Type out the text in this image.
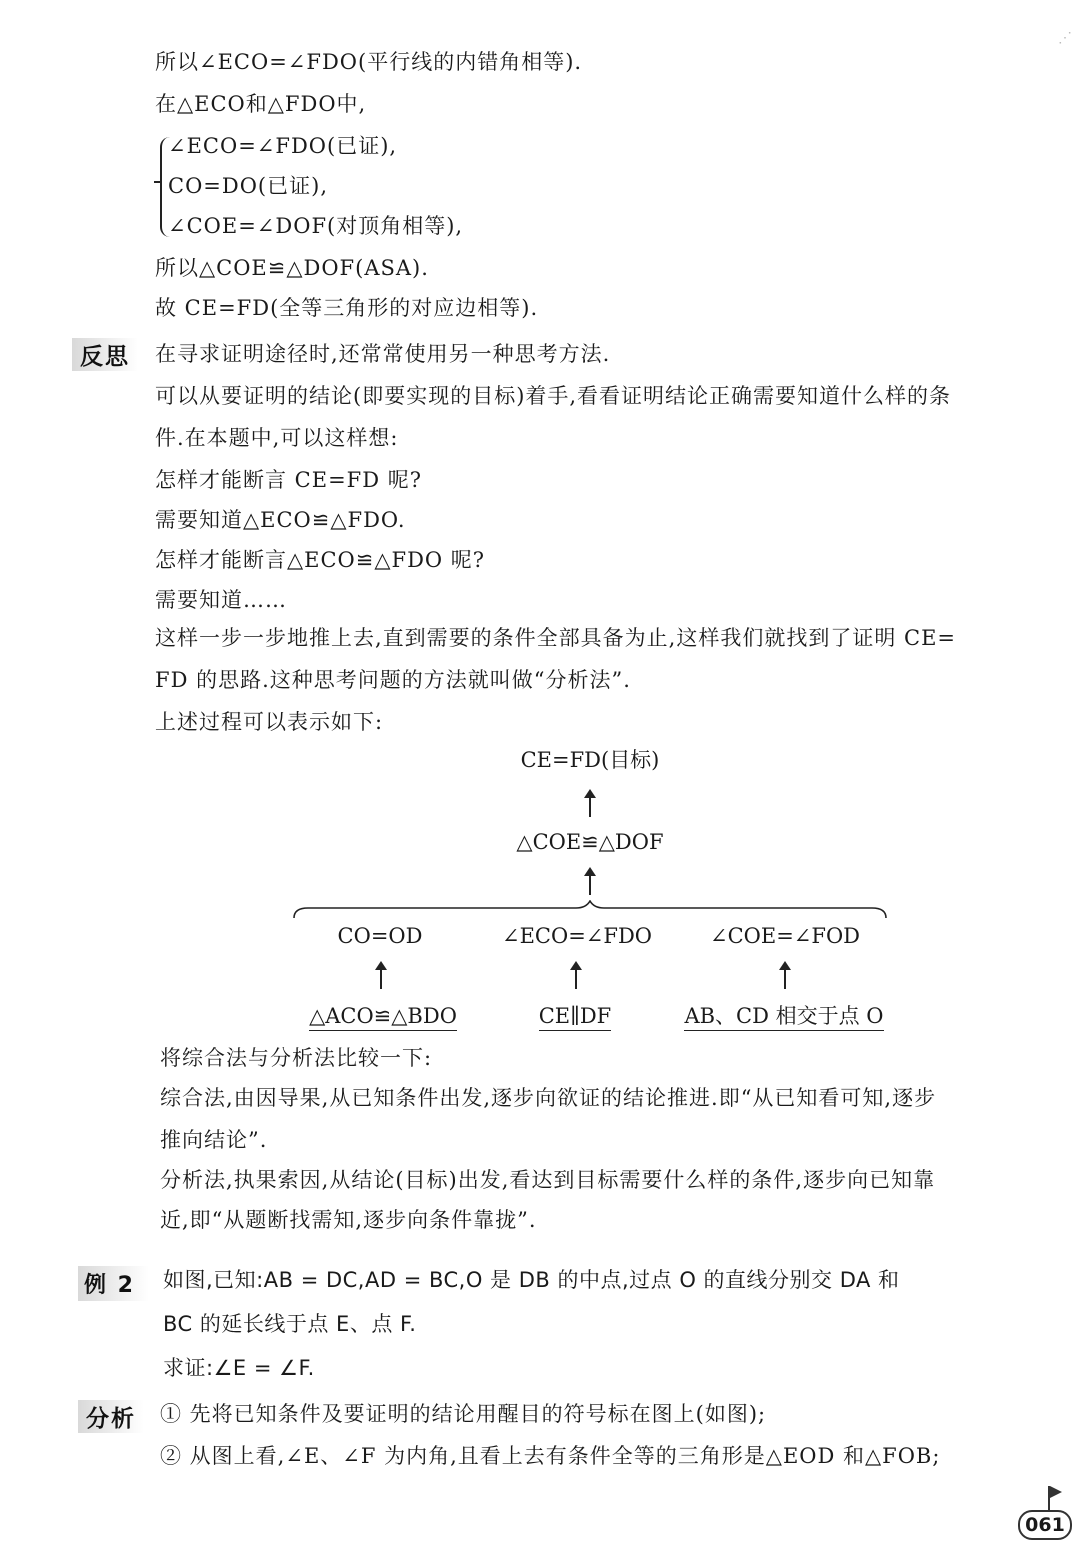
⋰
所以∠ECO=∠FDO(平行线的内错角相等).
在△ECO和△FDO中,
∠ECO=∠FDO(已证),
CO=DO(已证),
∠COE=∠DOF(对顶角相等),
所以△COE≌△DOF(ASA).
故 CE=FD(全等三角形的对应边相等).
反思	在寻求证明途径时,还常常使用另一种思考方法.
可以从要证明的结论(即要实现的目标)着手,看看证明结论正确需要知道什么样的条
件.在本题中,可以这样想:
怎样才能断言 CE=FD 呢?
需要知道△ECO≌△FDO.
怎样才能断言△ECO≌△FDO 呢?
需要知道……
这样一步一步地推上去,直到需要的条件全部具备为止,这样我们就找到了证明 CE=
FD 的思路.这种思考问题的方法就叫做“分析法”.
上述过程可以表示如下:
CE=FD(目标)
△COE≌△DOF
CO=OD	∠ECO=∠FDO	∠COE=∠FOD
△ACO≌△BDO	CE∥DF	AB、CD 相交于点 O
将综合法与分析法比较一下:
综合法,由因导果,从已知条件出发,逐步向欲证的结论推进.即“从已知看可知,逐步
推向结论”.
分析法,执果索因,从结论(目标)出发,看达到目标需要什么样的条件,逐步向已知靠
近,即“从题断找需知,逐步向条件靠拢”.
例 2	如图,已知:AB = DC,AD = BC,O 是 DB 的中点,过点 O 的直线分别交 DA 和
BC 的延长线于点 E、点 F.
求证:∠E = ∠F.
分析	① 先将已知条件及要证明的结论用醒目的符号标在图上(如图);
② 从图上看,∠E、∠F 为内角,且看上去有条件全等的三角形是△EOD 和△FOB;
061
